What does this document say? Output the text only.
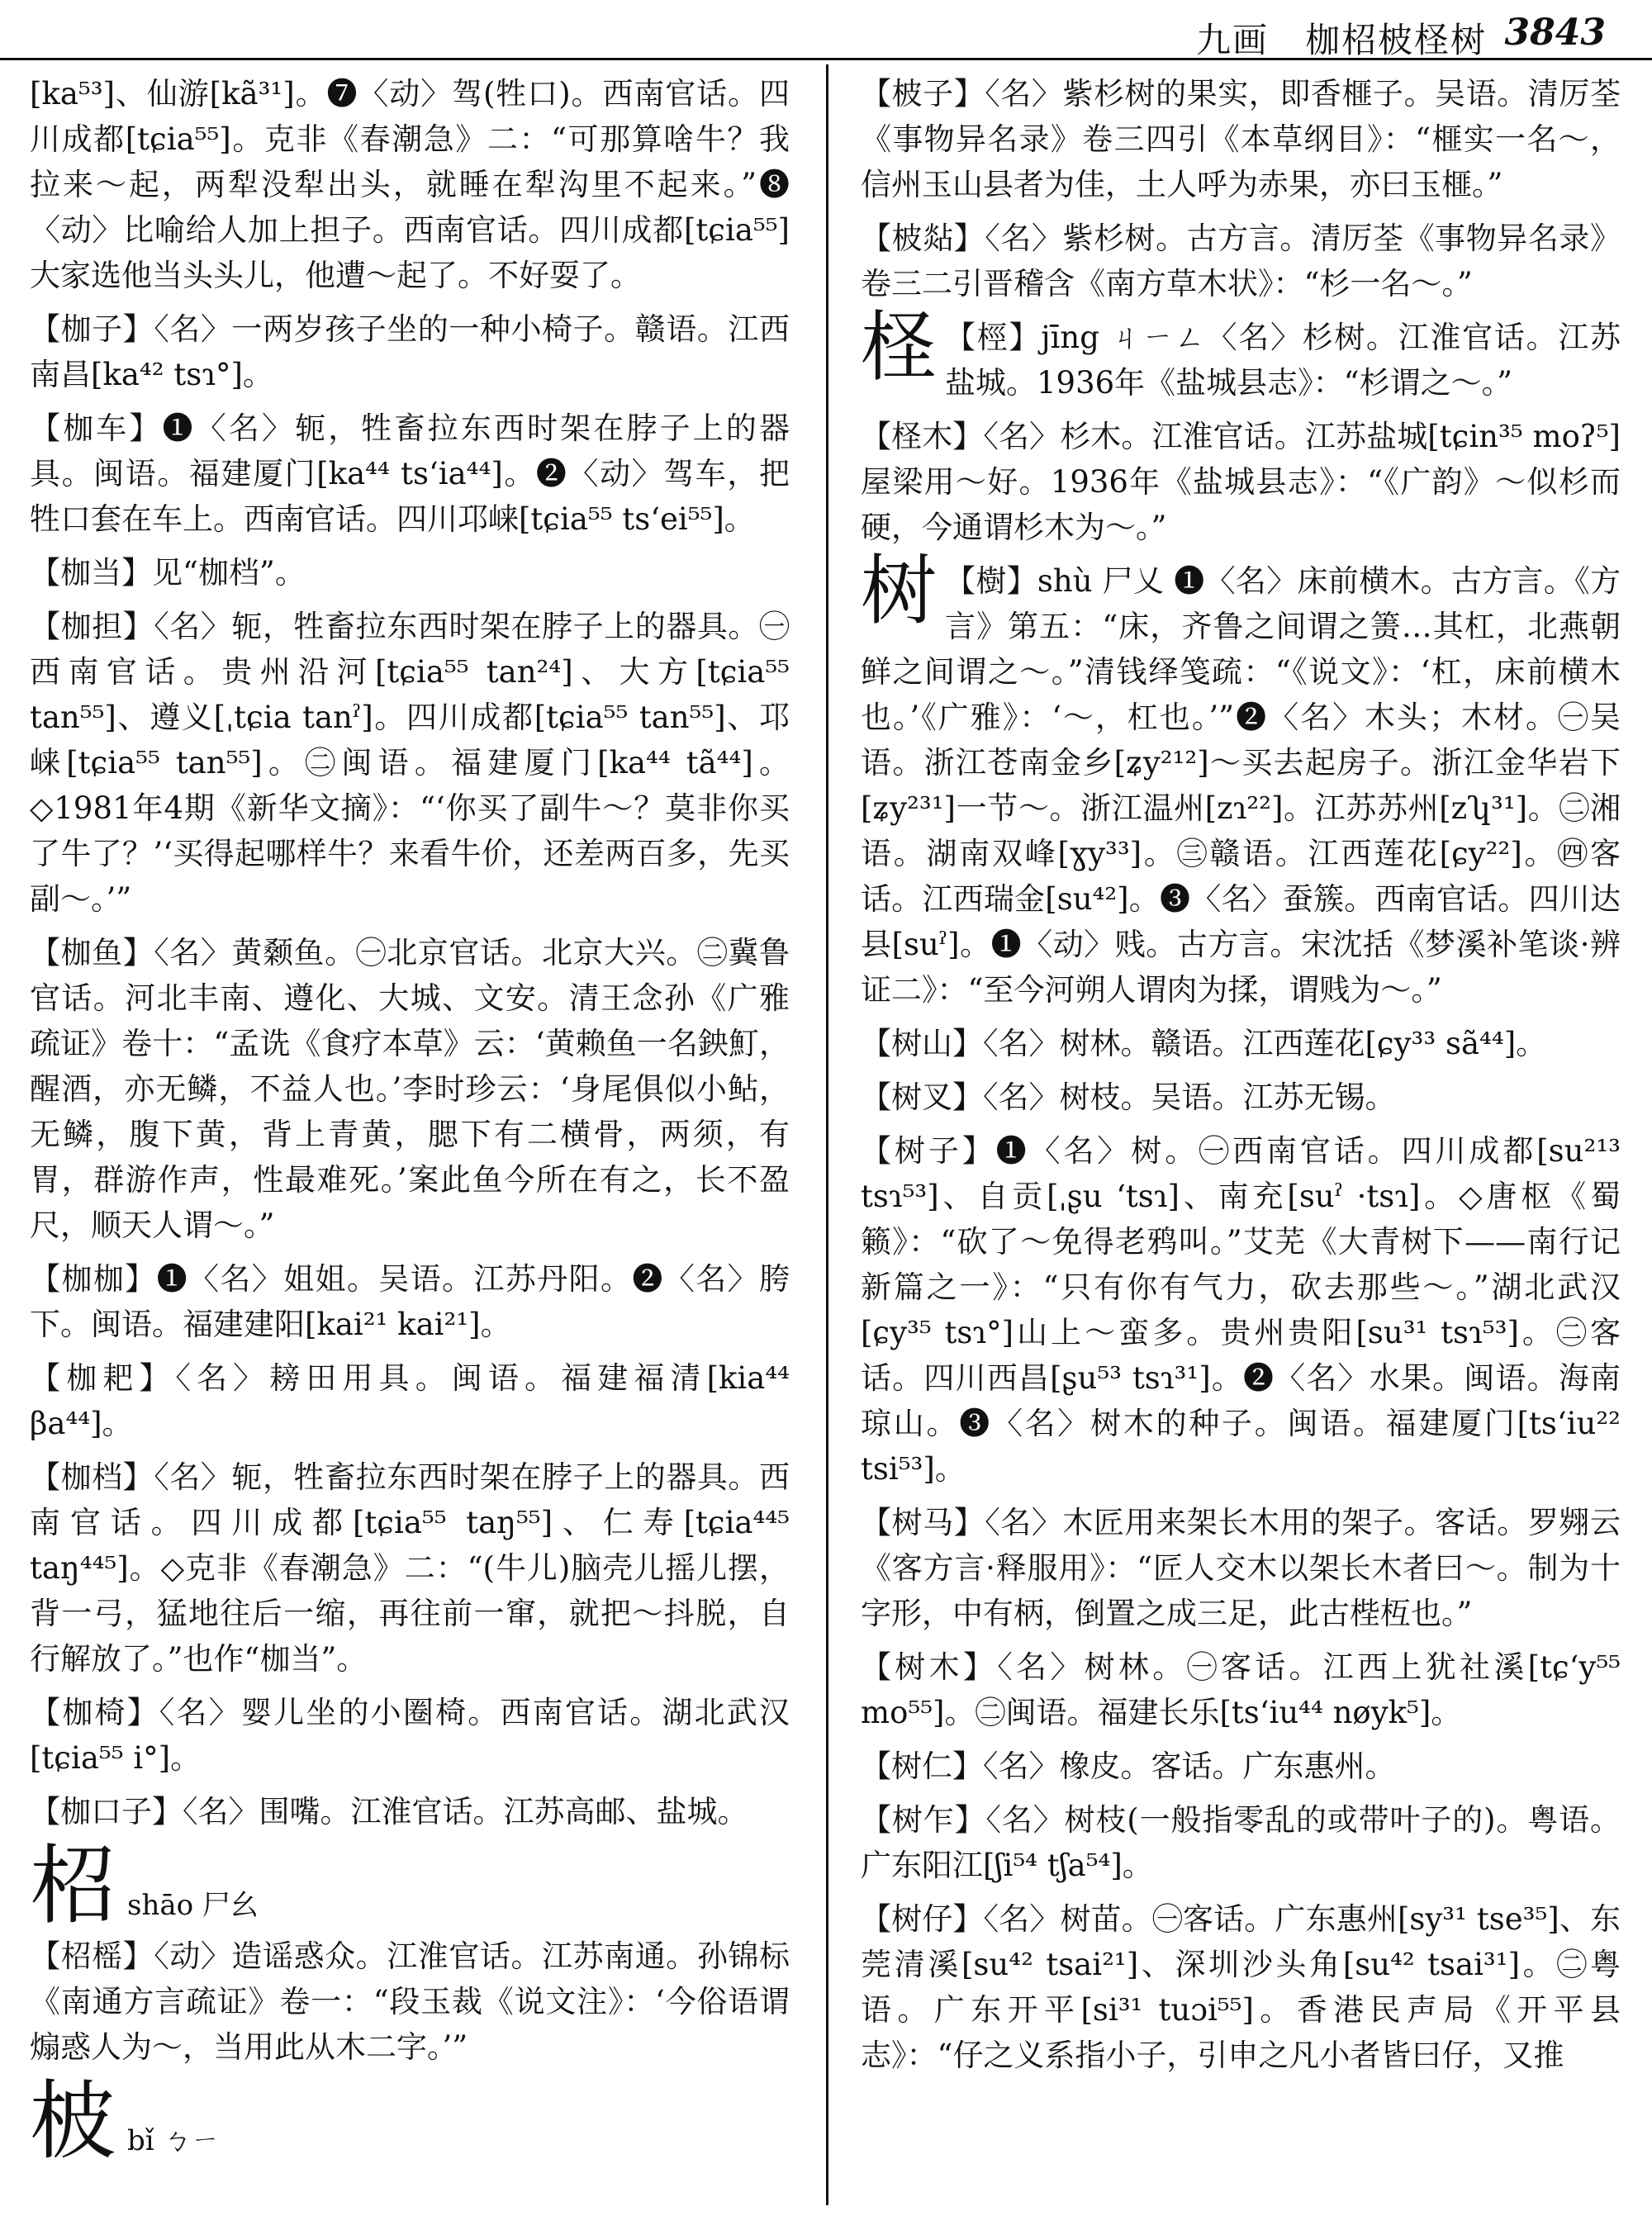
九画　枷柖柀柽树 3843

[ka⁵³]、仙游[kã³¹]。❼〈动〉驾(牲口)。西南官话。四川成都[tɕia⁵⁵]。克非《春潮急》二：“可那算啥牛？我拉来～起，两犁没犁出头，就睡在犁沟里不起来。”❽〈动〉比喻给人加上担子。西南官话。四川成都[tɕia⁵⁵]大家选他当头头儿，他遭～起了。不好耍了。

【枷子】〈名〉一两岁孩子坐的一种小椅子。赣语。江西南昌[ka⁴² tsɿ°]。

【枷车】❶〈名〉轭，牲畜拉东西时架在脖子上的器具。闽语。福建厦门[ka⁴⁴ ts‘ia⁴⁴]。❷〈动〉驾车，把牲口套在车上。西南官话。四川邛崃[tɕia⁵⁵ ts‘ei⁵⁵]。

【枷当】见“枷档”。

【枷担】〈名〉轭，牲畜拉东西时架在脖子上的器具。㊀西南官话。贵州沿河[tɕia⁵⁵ tan²⁴]、大方[tɕia⁵⁵ tan⁵⁵]、遵义[ˌtɕia tanˀ]。四川成都[tɕia⁵⁵ tan⁵⁵]、邛崃[tɕia⁵⁵ tan⁵⁵]。㊁闽语。福建厦门[ka⁴⁴ tã⁴⁴]。◇1981年4期《新华文摘》：“‘你买了副牛～？莫非你买了牛了？’‘买得起哪样牛？来看牛价，还差两百多，先买副～。’”

【枷鱼】〈名〉黄颡鱼。㊀北京官话。北京大兴。㊁冀鲁官话。河北丰南、遵化、大城、文安。清王念孙《广雅疏证》卷十：“孟诜《食疗本草》云：‘黄赖鱼一名鉠䰳，醒酒，亦无鳞，不益人也。’李时珍云：‘身尾俱似小鲇，无鳞，腹下黄，背上青黄，腮下有二横骨，两须，有胃，群游作声，性最难死。’案此鱼今所在有之，长不盈尺，顺天人谓～。”

【枷枷】❶〈名〉姐姐。吴语。江苏丹阳。❷〈名〉胯下。闽语。福建建阳[kai²¹ kai²¹]。

【枷耙】〈名〉耪田用具。闽语。福建福清[kia⁴⁴ βa⁴⁴]。

【枷档】〈名〉轭，牲畜拉东西时架在脖子上的器具。西南官话。四川成都[tɕia⁵⁵ taŋ⁵⁵]、仁寿[tɕia⁴⁴⁵ taŋ⁴⁴⁵]。◇克非《春潮急》二：“(牛儿)脑壳儿摇儿摆，背一弓，猛地往后一缩，再往前一窜，就把～抖脱，自行解放了。”也作“枷当”。

【枷椅】〈名〉婴儿坐的小圈椅。西南官话。湖北武汉[tɕia⁵⁵ i°]。

【枷口子】〈名〉围嘴。江淮官话。江苏高邮、盐城。

柖 shāo 尸幺

【柖榣】〈动〉造谣惑众。江淮官话。江苏南通。孙锦标《南通方言疏证》卷一：“段玉裁《说文注》：‘今俗语谓煽惑人为～，当用此从木二字。’”

柀 bǐ ㄅㄧ

【柀子】〈名〉紫杉树的果实，即香榧子。吴语。清厉荃《事物异名录》卷三四引《本草纲目》：“榧实一名～，信州玉山县者为佳，土人呼为赤果，亦曰玉榧。”

【柀煔】〈名〉紫杉树。古方言。清厉荃《事物异名录》卷三二引晋稽含《南方草木状》：“杉一名～。”

柽 【桱】jīng ㄐㄧㄥ〈名〉杉树。江淮官话。江苏盐城。1936年《盐城县志》：“杉谓之～。”

【柽木】〈名〉杉木。江淮官话。江苏盐城[tɕin³⁵ moʔ⁵]屋梁用～好。1936年《盐城县志》：“《广韵》～似杉而硬，今通谓杉木为～。”

树 【樹】shù 尸乂 ❶〈名〉床前横木。古方言。《方言》第五：“床，齐鲁之间谓之箦…其杠，北燕朝鲜之间谓之～。”清钱绎笺疏：“《说文》：‘杠，床前横木也。’《广雅》：‘～，杠也。’”❷〈名〉木头；木材。㊀吴语。浙江苍南金乡[ʑy²¹²]～买去起房子。浙江金华岩下[ʑy²³¹]一节～。浙江温州[zɿ²²]。江苏苏州[zʮ³¹]。㊁湘语。湖南双峰[ɣy³³]。㊂赣语。江西莲花[ɕy²²]。㊃客话。江西瑞金[su⁴²]。❸〈名〉蚕簇。西南官话。四川达县[suˀ]。❶〈动〉贱。古方言。宋沈括《梦溪补笔谈·辨证二》：“至今河朔人谓肉为揉，谓贱为～。”

【树山】〈名〉树林。赣语。江西莲花[ɕy³³ sã⁴⁴]。

【树叉】〈名〉树枝。吴语。江苏无锡。

【树子】❶〈名〉树。㊀西南官话。四川成都[su²¹³ tsɿ⁵³]、自贡[ˌʂu ‘tsɿ]、南充[suˀ ·tsɿ]。◇唐枢《蜀籁》：“砍了～免得老鸦叫。”艾芜《大青树下——南行记新篇之一》：“只有你有气力，砍去那些～。”湖北武汉[ɕy³⁵ tsɿ°]山上～蛮多。贵州贵阳[su³¹ tsɿ⁵³]。㊁客话。四川西昌[ʂu⁵³ tsɿ³¹]。❷〈名〉水果。闽语。海南琼山。❸〈名〉树木的种子。闽语。福建厦门[ts‘iu²² tsi⁵³]。

【树马】〈名〉木匠用来架长木用的架子。客话。罗翙云《客方言·释服用》：“匠人交木以架长木者曰～。制为十字形，中有柄，倒置之成三足，此古梐枑也。”

【树木】〈名〉树林。㊀客话。江西上犹社溪[tɕ‘y⁵⁵ mo⁵⁵]。㊁闽语。福建长乐[ts‘iu⁴⁴ nøyk⁵]。

【树仁】〈名〉橡皮。客话。广东惠州。

【树乍】〈名〉树枝(一般指零乱的或带叶子的)。粤语。广东阳江[ʃi⁵⁴ tʃa⁵⁴]。

【树仔】〈名〉树苗。㊀客话。广东惠州[sy³¹ tse³⁵]、东莞清溪[su⁴² tsai²¹]、深圳沙头角[su⁴² tsai³¹]。㊁粤语。广东开平[si³¹ tuɔi⁵⁵]。香港民声局《开平县志》：“仔之义系指小子，引申之凡小者皆曰仔，又推
